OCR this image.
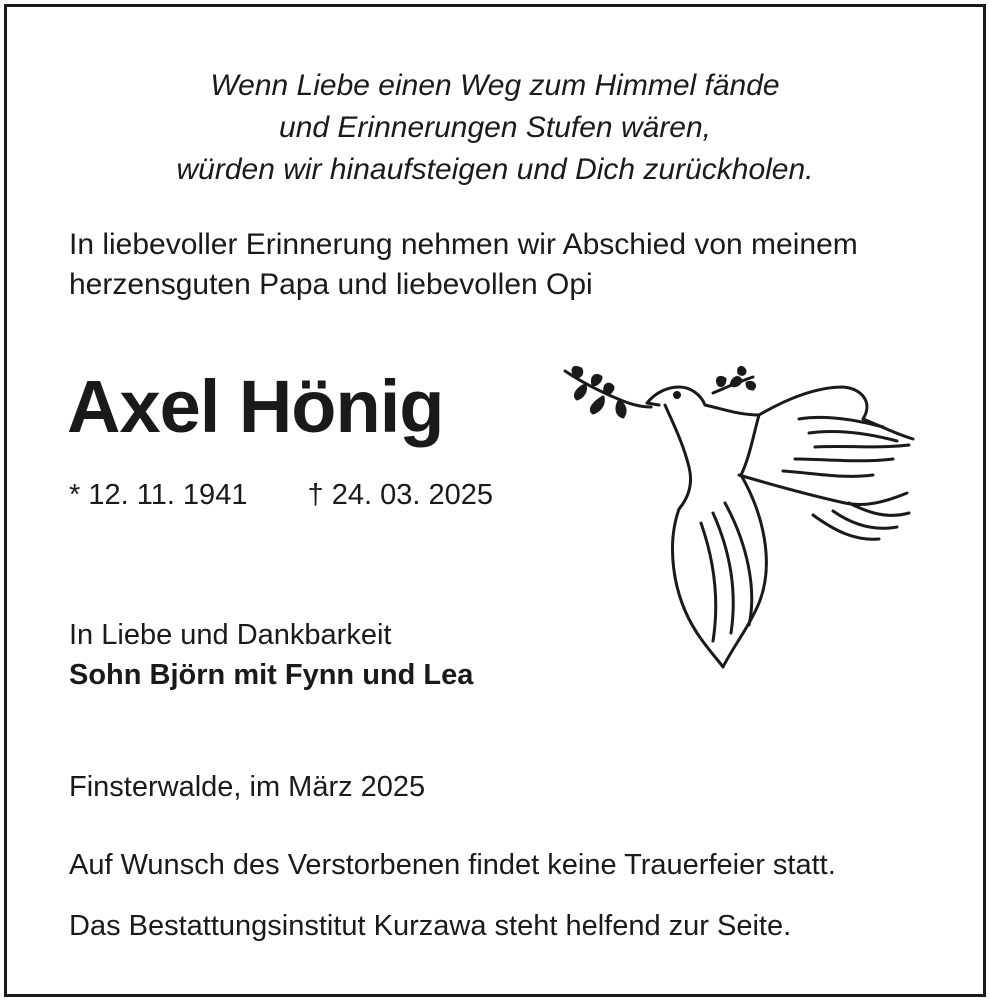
Wenn Liebe einen Weg zum Himmel fände
und Erinnerungen Stufen wären,
würden wir hinaufsteigen und Dich zurückholen.
In liebevoller Erinnerung nehmen wir Abschied von meinem
herzensguten Papa und liebevollen Opi
Axel Hönig
* 12. 11. 1941 † 24. 03. 2025
In Liebe und Dankbarkeit
Sohn Björn mit Fynn und Lea
Finsterwalde, im März 2025
Auf Wunsch des Verstorbenen findet keine Trauerfeier statt.
Das Bestattungsinstitut Kurzawa steht helfend zur Seite.
